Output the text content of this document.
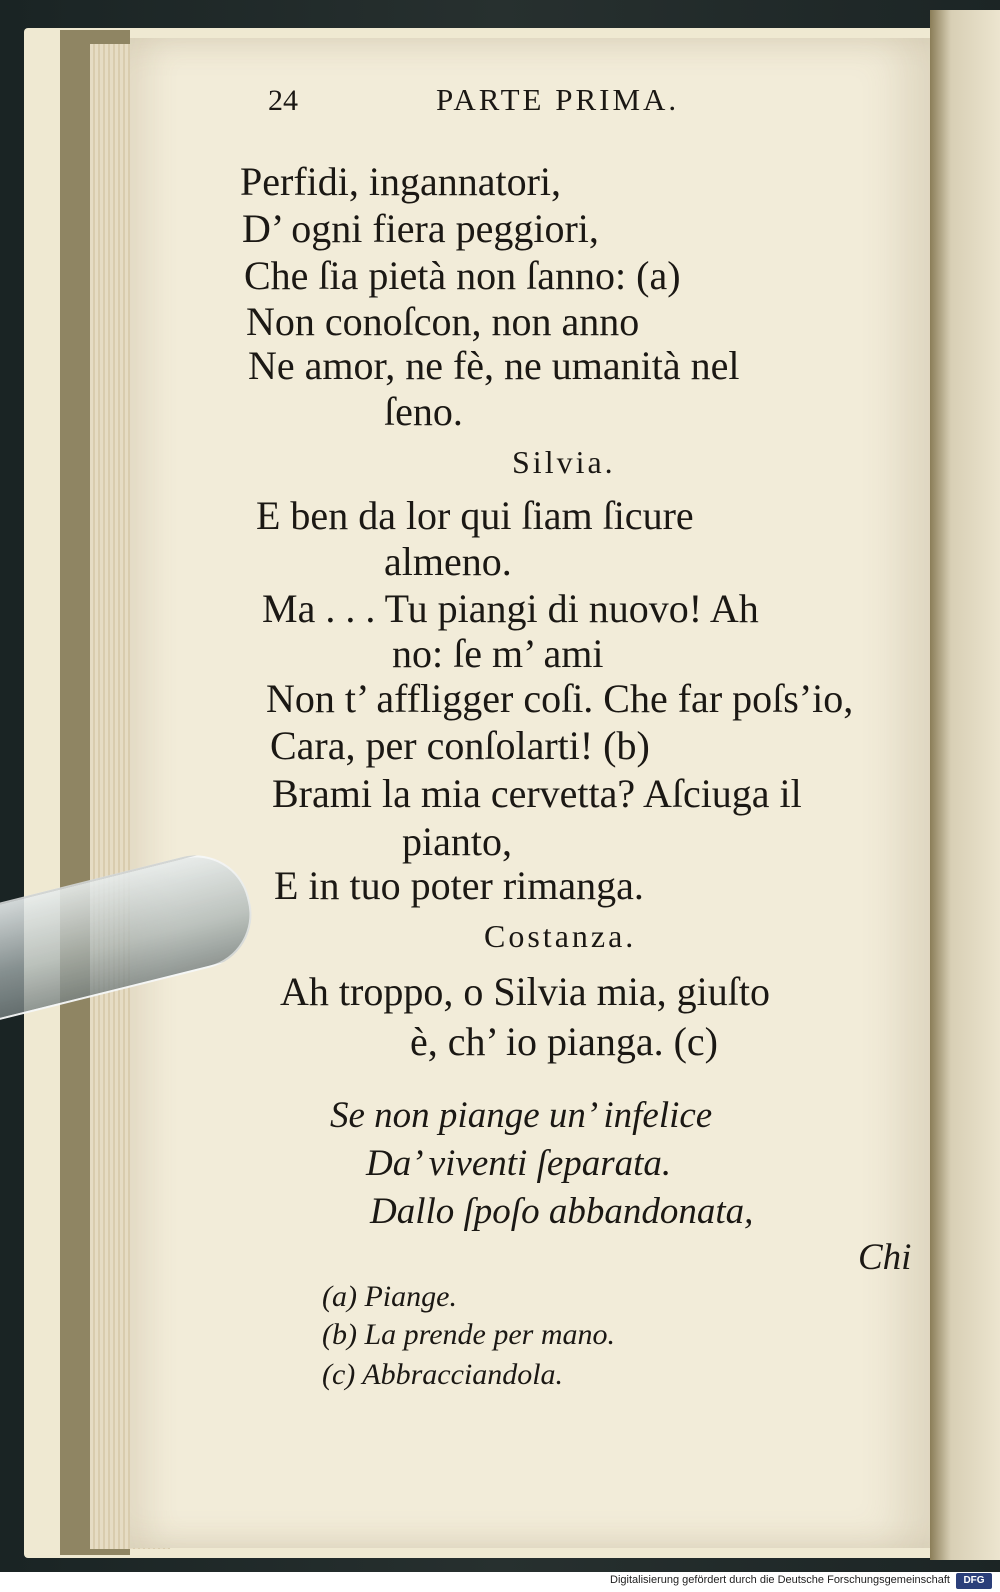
24	PARTE PRIMA.
Perfidi, ingannatori,
D’ ogni fiera peggiori,
Che ſia pietà non ſanno: (a)
Non conoſcon, non anno
Ne amor, ne fè, ne umanità nel
ſeno.
Silvia.
E ben da lor qui ſiam ſicure
almeno.
Ma . . . Tu piangi di nuovo! Ah
no: ſe m’ ami
Non t’ affligger coſi. Che far poſs’io,
Cara, per conſolarti! (b)
Brami la mia cervetta? Aſciuga il
pianto,
E in tuo poter rimanga.
Costanza.
Ah troppo, o Silvia mia, giuſto
è, ch’ io pianga. (c)
Se non piange un’ infelice
Da’ viventi ſeparata.
Dallo ſpoſo abbandonata,
Chi
(a) Piange.
(b) La prende per mano.
(c) Abbracciandola.
Digitalisierung gefördert durch die Deutsche Forschungsgemeinschaft	DFG
